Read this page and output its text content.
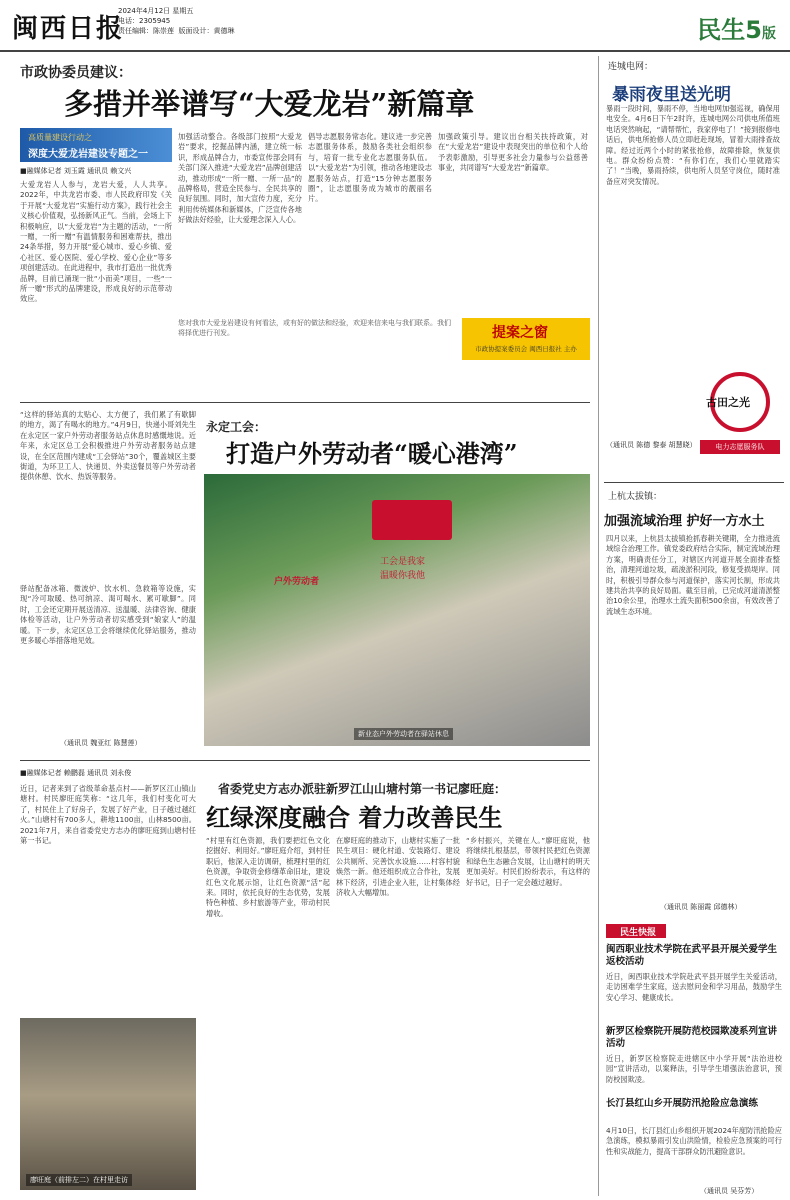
闽西日报
2024年4月12日 星期五
电话：2305945
责任编辑：陈崇莲 版面设计：黄德琳	民生5版
市政协委员建议：
多措并举谱写“大爱龙岩”新篇章
高质量建设行动之
深度大爱龙岩建设专题之一
■融媒体记者 刘玉霞 通讯员 赖文兴
大爱龙岩人人参与，龙岩大爱，人人共享。2022年，中共龙岩市委、市人民政府印发《关于开展“大爱龙岩”实施行动方案》，践行社会主义核心价值观，弘扬新风正气。当前，会场上下积极响应，以“大爱龙岩”为主题的活动，“一所一赠，一所一赠”有温情服务和困难帮扶，推出24条举措，努力开展“爱心城市、爱心乡镇、爱心社区、爱心医院、爱心学校、爱心企业”等多项创建活动。在此进程中，我市打造出一批优秀品牌，目前已涌现一批“小而美”项目，一些“一所一赠”形式的品牌建设，形成良好的示范带动效应。
加强活动整合。各级部门按照“大爱龙岩”要求，挖掘品牌内涵，建立统一标识，形成品牌合力，市委宣传部会同有关部门深入推进“大爱龙岩”品牌创建活动，推动形成“一所一赠、一所一品”的品牌格局，营造全民参与、全民共享的良好氛围。同时，加大宣传力度，充分利用传统媒体和新媒体，广泛宣传各地好做法好经验，让大爱理念深入人心。
倡导志愿服务常态化。建议进一步完善志愿服务体系，鼓励各类社会组织参与，培育一批专业化志愿服务队伍。以“大爱龙岩”为引领，推动各地建设志愿服务站点，打造“15分钟志愿服务圈”，让志愿服务成为城市的靓丽名片。
加强政策引导。建议出台相关扶持政策，对在“大爱龙岩”建设中表现突出的单位和个人给予表彰激励，引导更多社会力量参与公益慈善事业，共同谱写“大爱龙岩”新篇章。
您对我市大爱龙岩建设有何看法，或有好的做法和经验，欢迎来信来电与我们联系。我们将择优进行刊发。	提案之窗
市政协提案委员会 闽西日报社 主办
连城电网：
暴雨夜里送光明
暴雨一段时间，暴雨不停，当地电网加强巡视，确保用电安全。4月6日下午2时许，连城电网公司供电所值班电话突然响起，“请帮帮忙，我家停电了！”接到报修电话后，供电所抢修人员立即赶赴现场，冒着大雨排查故障。经过近两个小时的紧张抢修，故障排除，恢复供电。群众纷纷点赞：“有你们在，我们心里就踏实了！”当晚，暴雨持续，供电所人员坚守岗位，随时准备应对突发情况。
（通讯员 陈德 黎泰 胡慧晓）
古田之光
电力志愿服务队
上杭太拔镇：
加强流域治理 护好一方水土
四月以来，上杭县太拔镇抢抓春耕关键期，全力推进流域综合治理工作。镇党委政府结合实际，制定流域治理方案，明确责任分工，对辖区内河道开展全面排查整治，清理河道垃圾，疏浚淤积河段，修复受损堤岸。同时，积极引导群众参与河道保护，落实河长制，形成共建共治共享的良好局面。截至目前，已完成河道清淤整治10余公里，治理水土流失面积500余亩，有效改善了流域生态环境。
（通讯员 陈丽霞 邱德林）
民生快报
闽西职业技术学院在武平县开展关爱学生返校活动
近日，闽西职业技术学院赴武平县开展学生关爱活动，走访困难学生家庭，送去慰问金和学习用品，鼓励学生安心学习、健康成长。
新罗区检察院开展防范校园欺凌系列宣讲活动
近日，新罗区检察院走进辖区中小学开展“法治进校园”宣讲活动，以案释法，引导学生增强法治意识，预防校园欺凌。
长汀县红山乡开展防汛抢险应急演练
4月10日，长汀县红山乡组织开展2024年度防汛抢险应急演练，模拟暴雨引发山洪险情，检验应急预案的可行性和实战能力，提高干部群众防汛避险意识。
（通讯员 吴芬芳）
“这样的驿站真的太贴心、太方便了，我们累了有歇脚的地方，渴了有喝水的地方。”4月9日，快递小哥刘先生在永定区一家户外劳动者服务站点休息时感慨地说。近年来，永定区总工会积极推进户外劳动者服务站点建设，在全区范围内建成“工会驿站”30个，覆盖城区主要街道，为环卫工人、快递员、外卖送餐员等户外劳动者提供休憩、饮水、热饭等服务。
驿站配备冰箱、微波炉、饮水机、急救箱等设施，实现“冷可取暖、热可纳凉、渴可喝水、累可歇脚”。同时，工会还定期开展送清凉、送温暖、法律咨询、健康体检等活动，让户外劳动者切实感受到“娘家人”的温暖。下一步，永定区总工会将继续优化驿站服务，推动更多暖心举措落地见效。
（通讯员 魏亚红 陈慧莲）
永定工会：
打造户外劳动者“暖心港湾”
户外劳动者
工会是我家
温暖你我他
新业态户外劳动者在驿站休息
■融媒体记者 赖鹏磊 通讯员 刘永俊
近日，记者来到了省级革命基点村——新罗区江山镇山塘村。村民廖旺庭笑称：“这几年，我们村变化可大了，村民住上了好房子，发展了好产业，日子越过越红火。”山塘村有700多人，耕地1100亩，山林8500亩。2021年7月，来自省委党史方志办的廖旺庭到山塘村任第一书记。
省委党史方志办派驻新罗江山山塘村第一书记廖旺庭：
红绿深度融合 着力改善民生
“村里有红色资源，我们要把红色文化挖掘好、利用好。”廖旺庭介绍，到村任职后，他深入走访调研，梳理村里的红色资源，争取资金修缮革命旧址，建设红色文化展示馆，让红色资源“活”起来。同时，依托良好的生态优势，发展特色种植、乡村旅游等产业，带动村民增收。
在廖旺庭的推动下，山塘村实施了一批民生项目：硬化村道、安装路灯、建设公共厕所、完善饮水设施……村容村貌焕然一新。他还组织成立合作社，发展林下经济，引进企业入驻，让村集体经济收入大幅增加。
“乡村振兴，关键在人。”廖旺庭说，他将继续扎根基层，带领村民把红色资源和绿色生态融合发展，让山塘村的明天更加美好。村民们纷纷表示，有这样的好书记，日子一定会越过越好。
廖旺庭（前排左二）在村里走访
